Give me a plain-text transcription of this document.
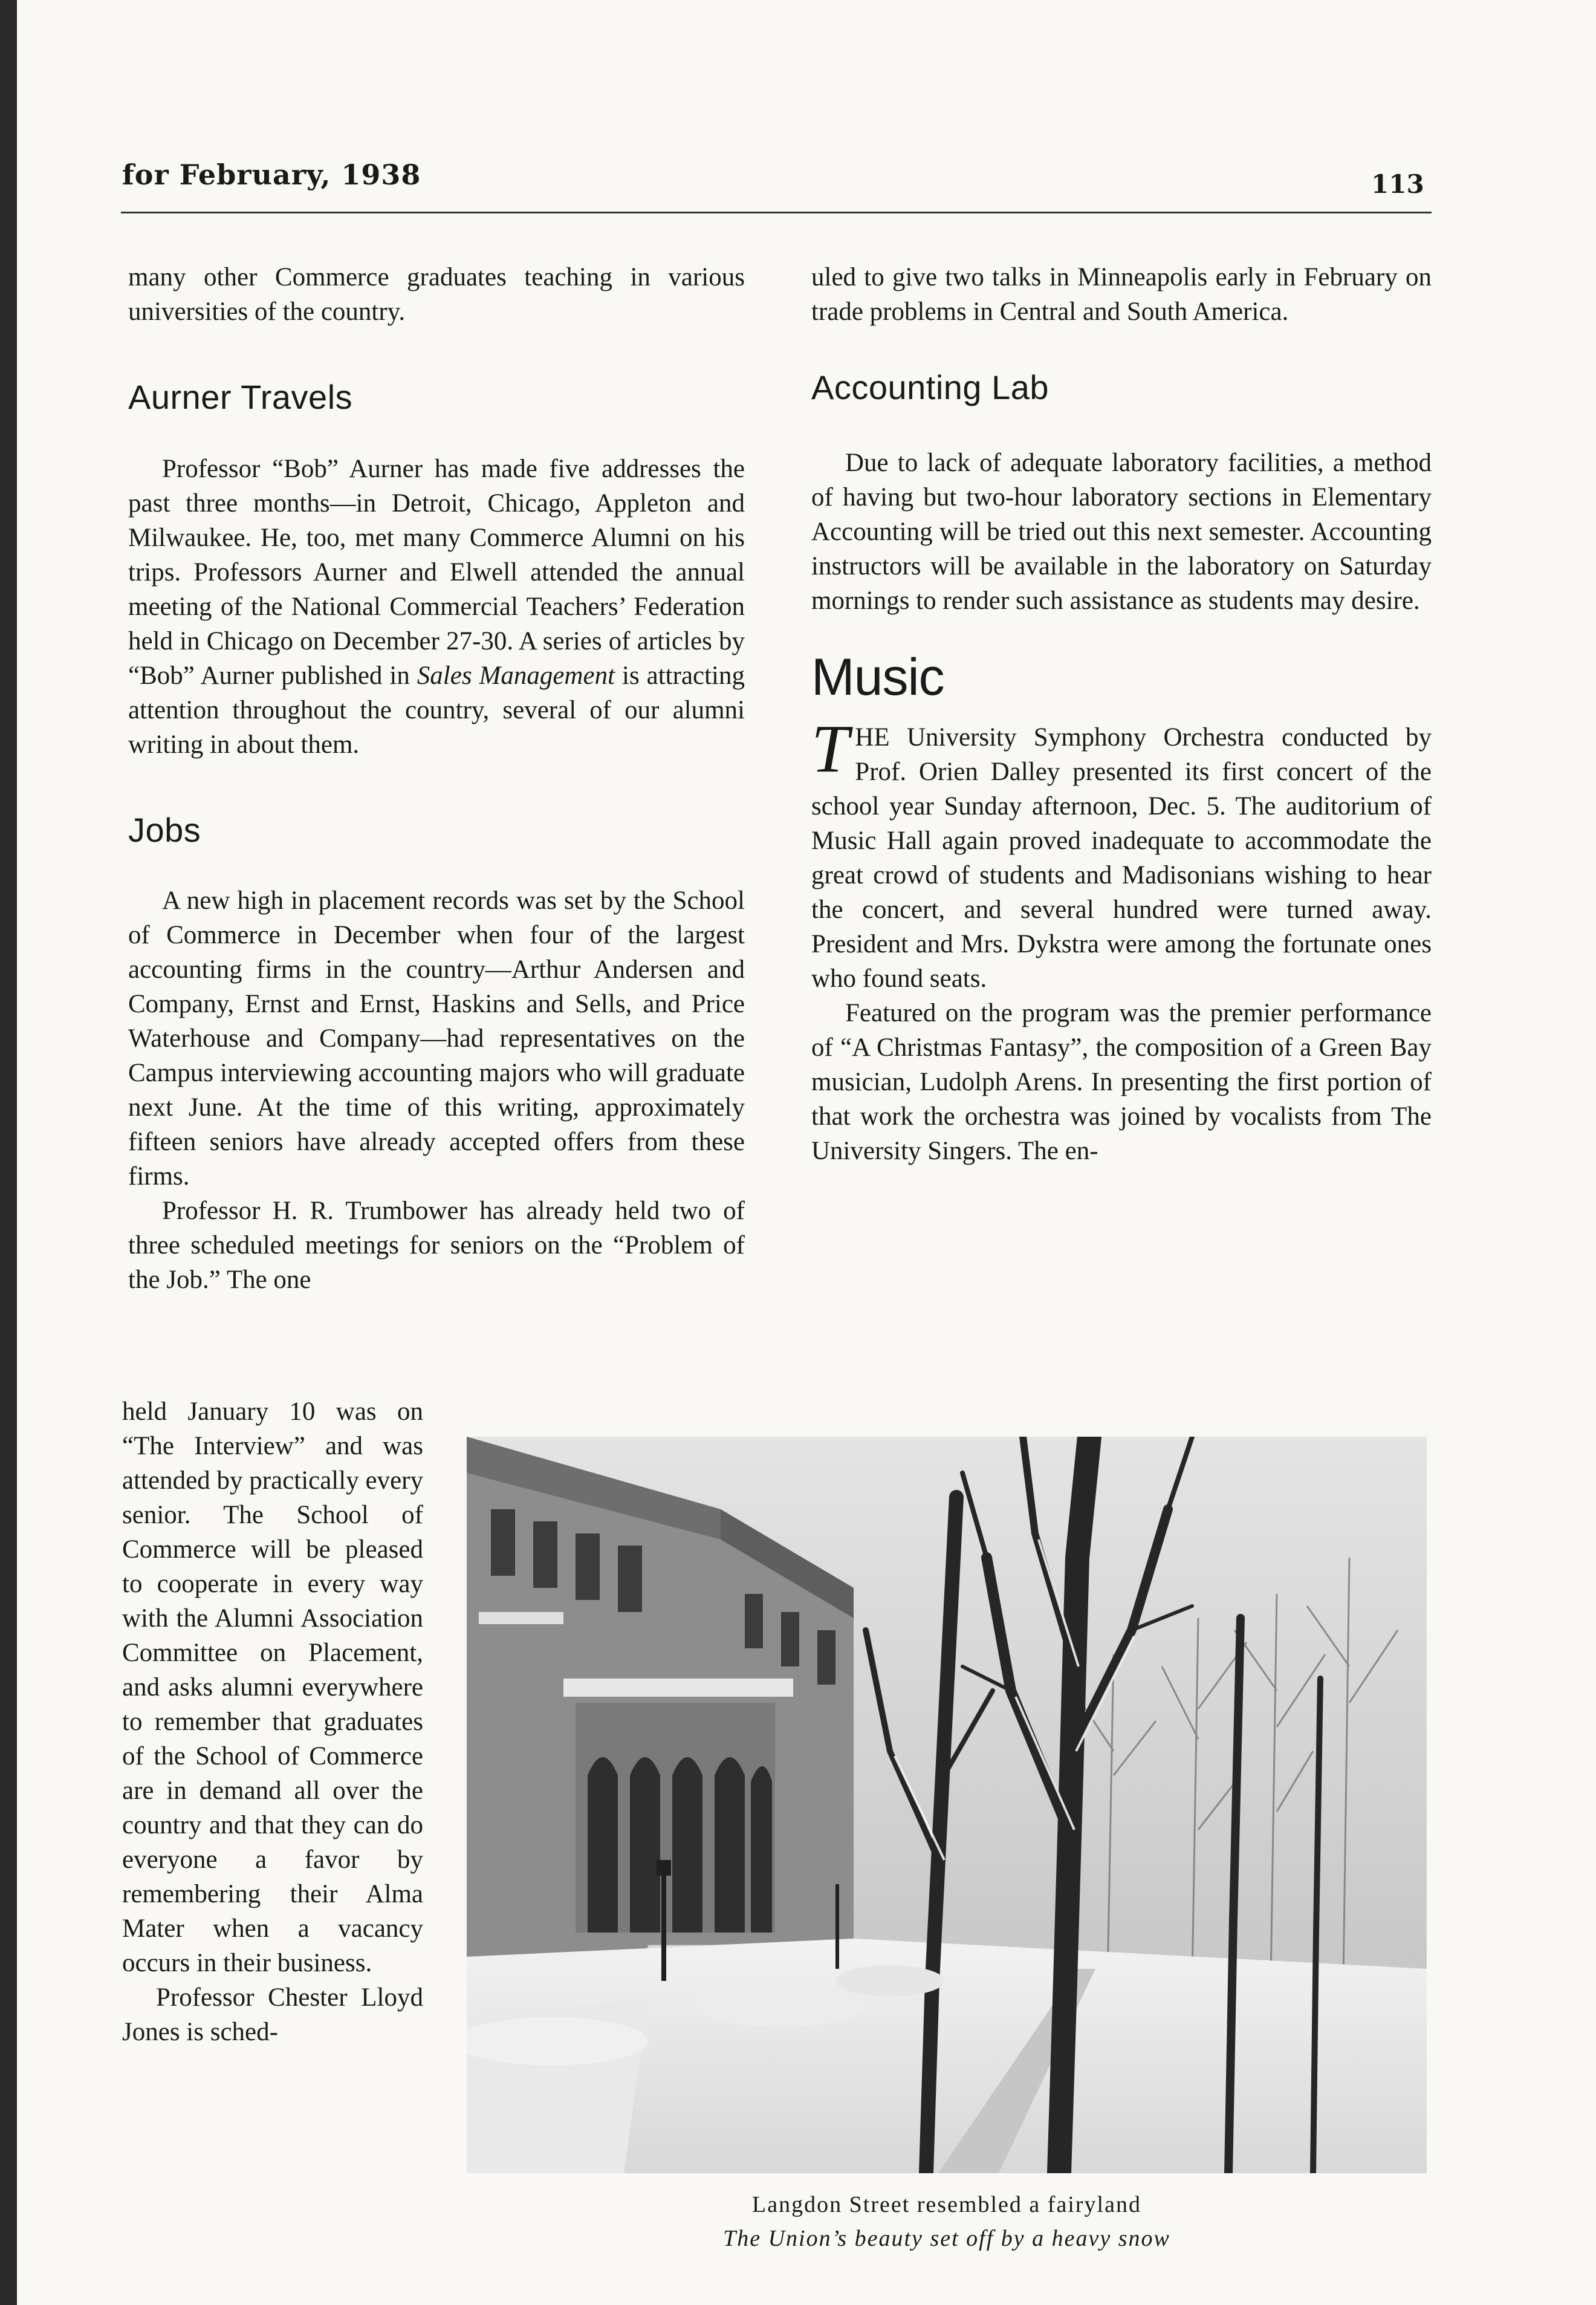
for February, 1938	113

many other Commerce graduates teaching in various universities of the country.

Aurner Travels

Professor “Bob” Aurner has made five addresses the past three months—in Detroit, Chicago, Appleton and Milwaukee. He, too, met many Commerce Alumni on his trips. Professors Aurner and Elwell attended the annual meeting of the National Commercial Teachers’ Federation held in Chicago on December 27-30. A series of articles by “Bob” Aurner published in Sales Management is attracting attention throughout the country, several of our alumni writing in about them.

Jobs

A new high in placement records was set by the School of Commerce in December when four of the largest accounting firms in the country—Arthur Andersen and Company, Ernst and Ernst, Haskins and Sells, and Price Waterhouse and Company—had representatives on the Campus interviewing accounting majors who will graduate next June. At the time of this writing, approximately fifteen seniors have already accepted offers from these firms.

Professor H. R. Trumbower has already held two of three scheduled meetings for seniors on the “Problem of the Job.” The one

held January 10 was on “The Interview” and was attended by practically every senior. The School of Commerce will be pleased to cooperate in every way with the Alumni Association Committee on Placement, and asks alumni everywhere to remember that graduates of the School of Commerce are in demand all over the country and that they can do everyone a favor by remembering their Alma Mater when a vacancy occurs in their business.

Professor Chester Lloyd Jones is sched-

uled to give two talks in Minneapolis early in February on trade problems in Central and South America.

Accounting Lab

Due to lack of adequate laboratory facilities, a method of having but two-hour laboratory sections in Elementary Accounting will be tried out this next semester. Accounting instructors will be available in the laboratory on Saturday mornings to render such assistance as students may desire.

Music

THE University Symphony Orchestra conducted by Prof. Orien Dalley presented its first concert of the school year Sunday afternoon, Dec. 5. The auditorium of Music Hall again proved inadequate to accommodate the great crowd of students and Madisonians wishing to hear the concert, and several hundred were turned away. President and Mrs. Dykstra were among the fortunate ones who found seats.

Featured on the program was the premier performance of “A Christmas Fantasy”, the composition of a Green Bay musician, Ludolph Arens. In presenting the first portion of that work the orchestra was joined by vocalists from The University Singers. The en-

Langdon Street resembled a fairyland
The Union’s beauty set off by a heavy snow
